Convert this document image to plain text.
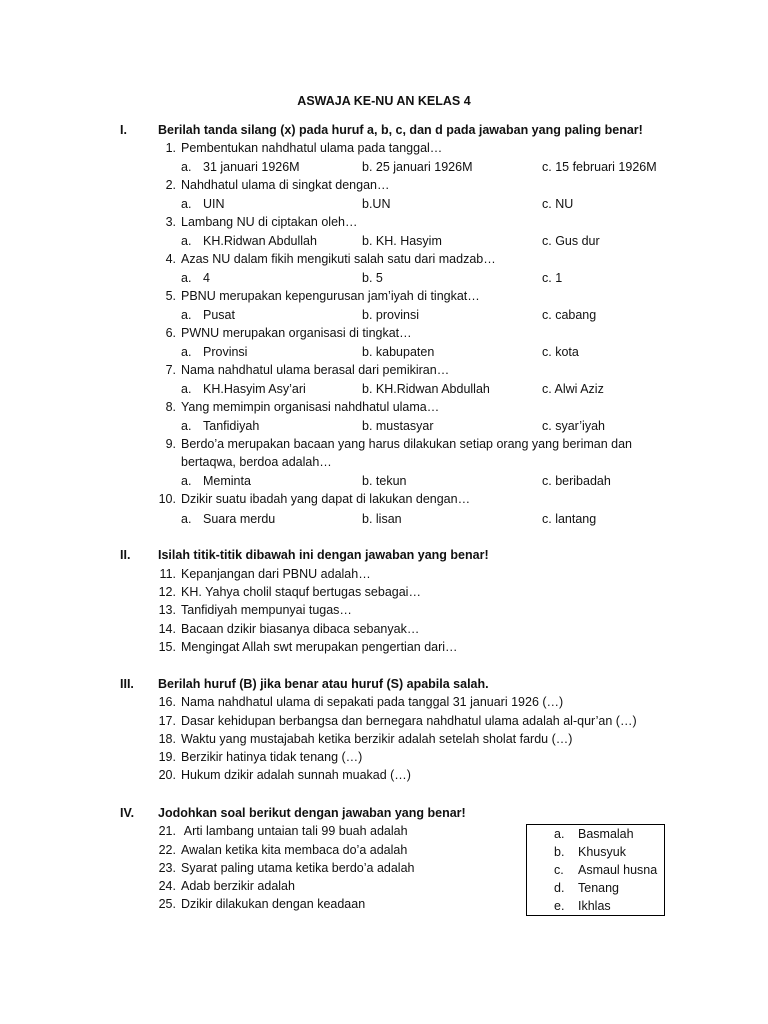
ASWAJA KE-NU AN KELAS 4
I. Berilah tanda silang (x) pada huruf a, b, c, dan d pada jawaban yang paling benar!
1. Pembentukan nahdhatul ulama pada tanggal…
a. 31 januari 1926M	b. 25 januari 1926M	c. 15 februari 1926M
2. Nahdhatul ulama di singkat dengan…
a. UIN	b.UN	c. NU
3. Lambang NU di ciptakan oleh…
a. KH.Ridwan Abdullah	b. KH. Hasyim	c. Gus dur
4. Azas NU dalam fikih mengikuti salah satu dari madzab…
a. 4	b. 5	c. 1
5. PBNU merupakan kepengurusan jam’iyah di tingkat…
a. Pusat	b. provinsi	c. cabang
6. PWNU merupakan organisasi di tingkat…
a. Provinsi	b. kabupaten	c. kota
7. Nama nahdhatul ulama berasal dari pemikiran…
a. KH.Hasyim Asy’ari	b. KH.Ridwan Abdullah	c. Alwi Aziz
8. Yang memimpin organisasi nahdhatul ulama…
a. Tanfidiyah	b. mustasyar	c. syar’iyah
9. Berdo’a merupakan bacaan yang harus dilakukan setiap orang yang beriman dan
bertaqwa, berdoa adalah…
a. Meminta	b. tekun	c. beribadah
10. Dzikir suatu ibadah yang dapat di lakukan dengan…
a. Suara merdu	b. lisan	c. lantang
II. Isilah titik-titik dibawah ini dengan jawaban yang benar!
11. Kepanjangan dari PBNU adalah…
12. KH. Yahya cholil staquf bertugas sebagai…
13. Tanfidiyah mempunyai tugas…
14. Bacaan dzikir biasanya dibaca sebanyak…
15. Mengingat Allah swt merupakan pengertian dari…
III. Berilah huruf (B) jika benar atau huruf (S) apabila salah.
16. Nama nahdhatul ulama di sepakati pada tanggal 31 januari 1926 (…)
17. Dasar kehidupan berbangsa dan bernegara nahdhatul ulama adalah al-qur’an (…)
18. Waktu yang mustajabah ketika berzikir adalah setelah sholat fardu (…)
19. Berzikir hatinya tidak tenang (…)
20. Hukum dzikir adalah sunnah muakad (…)
IV. Jodohkan soal berikut dengan jawaban yang benar!
21. Arti lambang untaian tali 99 buah adalah
22. Awalan ketika kita membaca do’a adalah
23. Syarat paling utama ketika berdo’a adalah
24. Adab berzikir adalah
25. Dzikir dilakukan dengan keadaan
a. Basmalah
b. Khusyuk
c. Asmaul husna
d. Tenang
e. Ikhlas
